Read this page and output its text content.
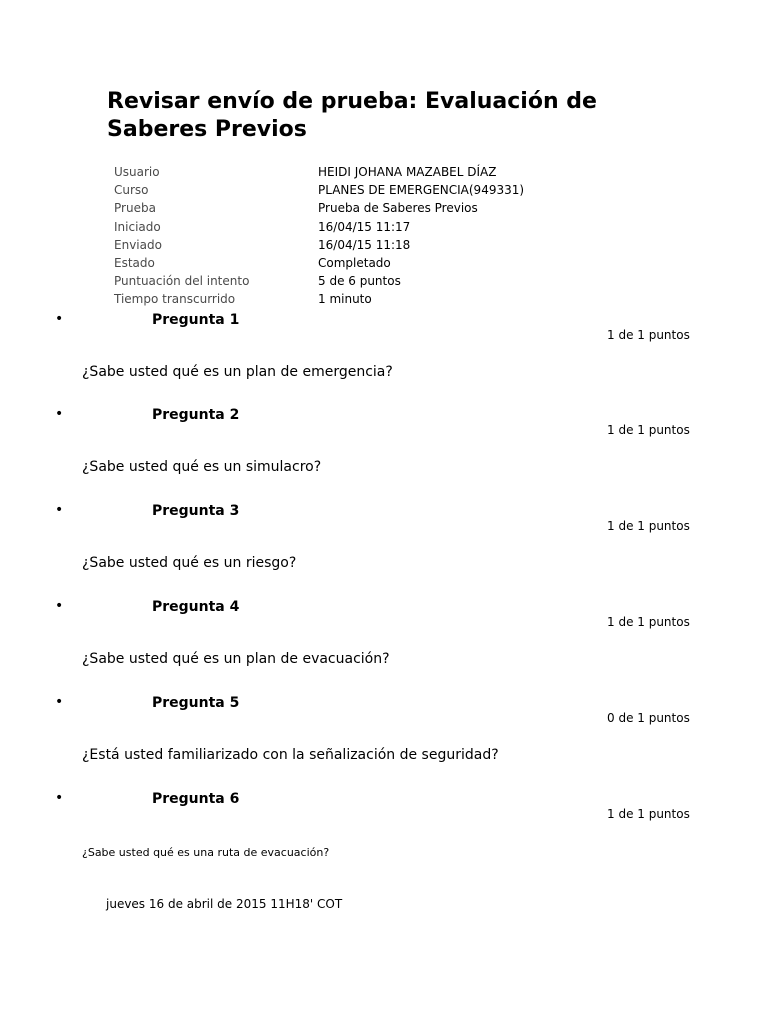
Revisar envío de prueba: Evaluación de Saberes Previos
Usuario	HEIDI JOHANA MAZABEL DÍAZ
Curso	PLANES DE EMERGENCIA(949331)
Prueba	Prueba de Saberes Previos
Iniciado	16/04/15 11:17
Enviado	16/04/15 11:18
Estado	Completado
Puntuación del intento	5 de 6 puntos
Tiempo transcurrido	1 minuto
•	Pregunta 1
1 de 1 puntos
¿Sabe usted qué es un plan de emergencia?
•	Pregunta 2
1 de 1 puntos
¿Sabe usted qué es un simulacro?
•	Pregunta 3
1 de 1 puntos
¿Sabe usted qué es un riesgo?
•	Pregunta 4
1 de 1 puntos
¿Sabe usted qué es un plan de evacuación?
•	Pregunta 5
0 de 1 puntos
¿Está usted familiarizado con la señalización de seguridad?
•	Pregunta 6
1 de 1 puntos
¿Sabe usted qué es una ruta de evacuación?
jueves 16 de abril de 2015 11H18' COT
